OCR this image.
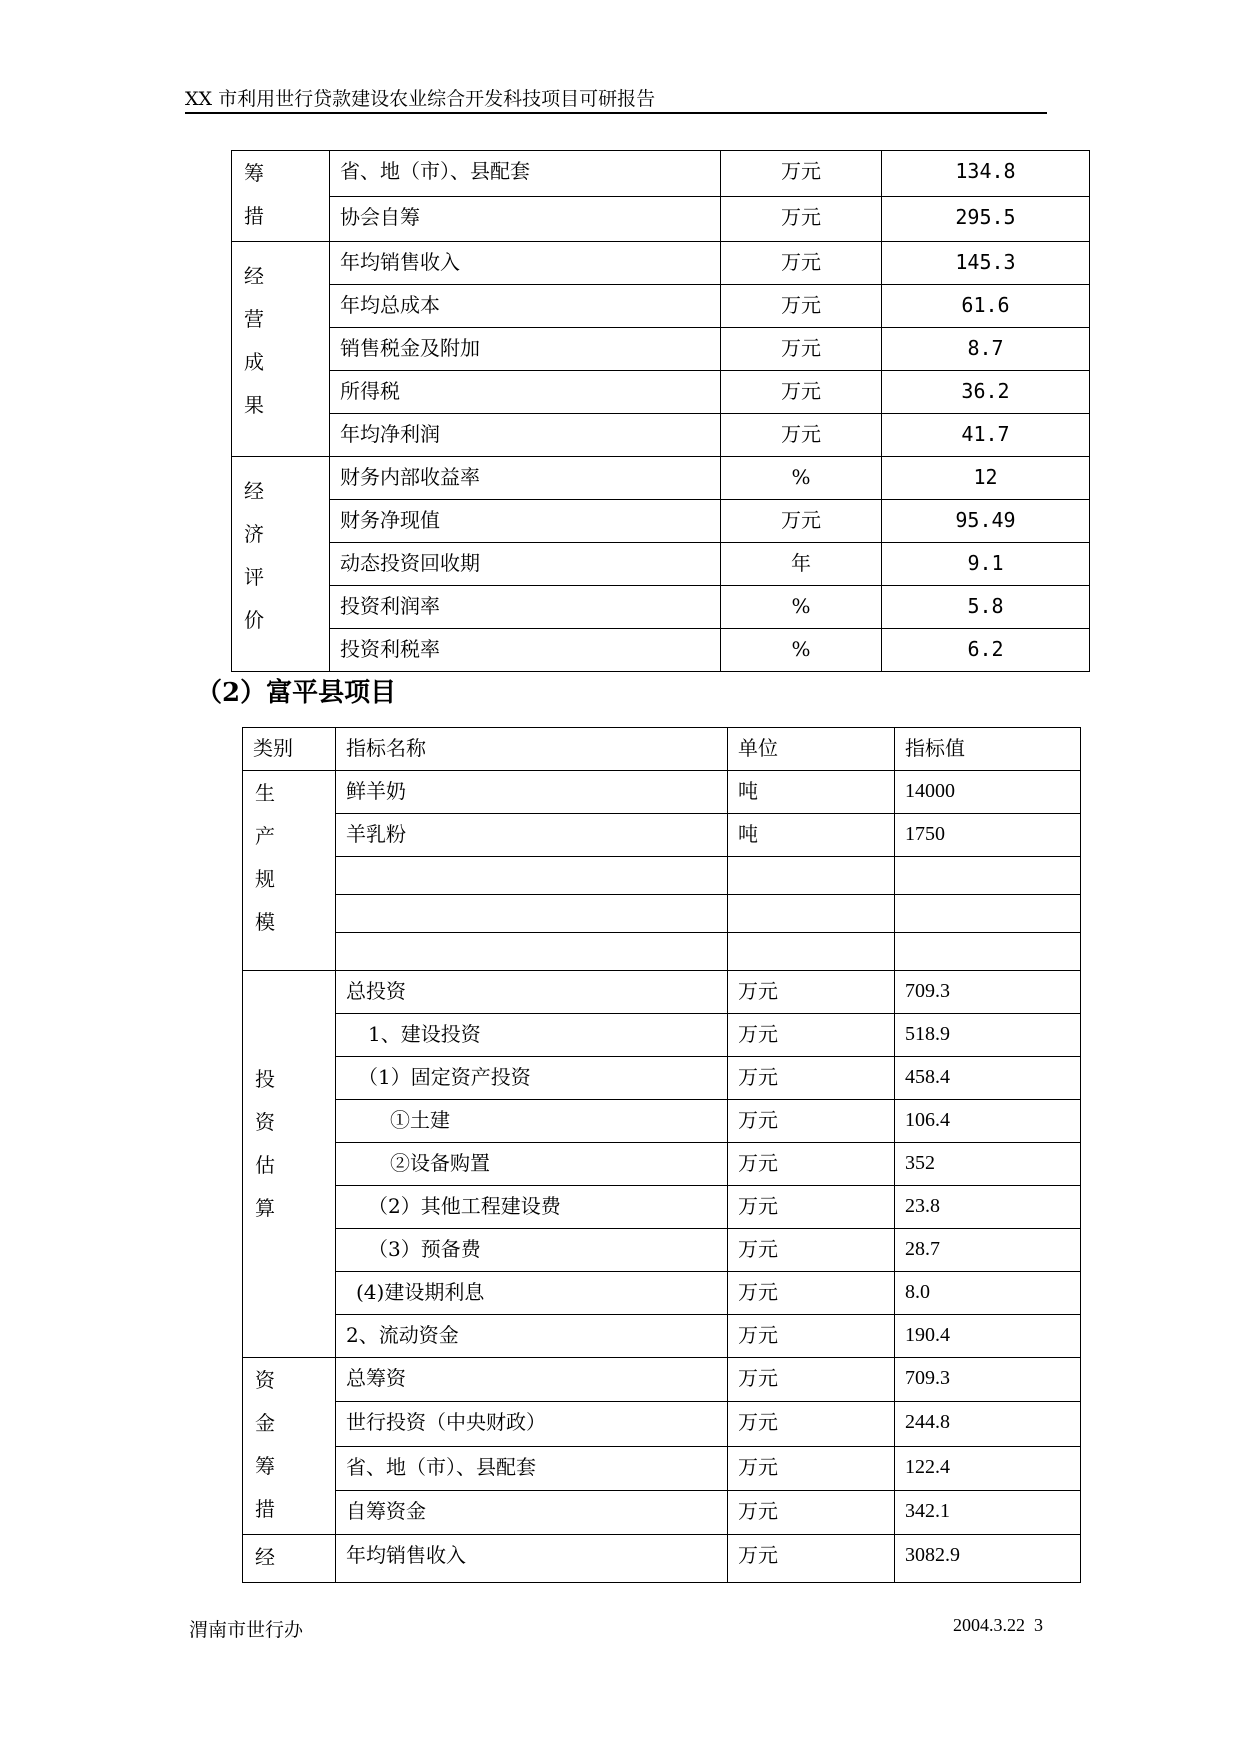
XX 市利用世行贷款建设农业综合开发科技项目可研报告
筹
措	省、地（市）、县配套	万元	134.8
	协会自筹	万元	295.5

经
营
成
果	年均销售收入	万元	145.3
	年均总成本	万元	61.6
	销售税金及附加	万元	8.7
	所得税	万元	36.2
	年均净利润	万元	41.7

经
济
评
价	财务内部收益率	%	12
	财务净现值	万元	95.49
	动态投资回收期	年	9.1
	投资利润率	%	5.8
	投资利税率	%	6.2
（2）富平县项目
类别	指标名称	单位	指标值

生
产
规
模	鲜羊奶	吨	14000
	羊乳粉	吨	1750

投
资
估
算	总投资	万元	709.3
	1、建设投资	万元	518.9
	（1）固定资产投资	万元	458.4
	①土建	万元	106.4
	②设备购置	万元	352
	（2）其他工程建设费	万元	23.8
	（3）预备费	万元	28.7
	(4)建设期利息	万元	8.0
	2、流动资金	万元	190.4

资
金
筹
措	总筹资	万元	709.3
	世行投资（中央财政）	万元	244.8
	省、地（市）、县配套	万元	122.4
	自筹资金	万元	342.1

经	年均销售收入	万元	3082.9
渭南市世行办	2004.3.22 3
